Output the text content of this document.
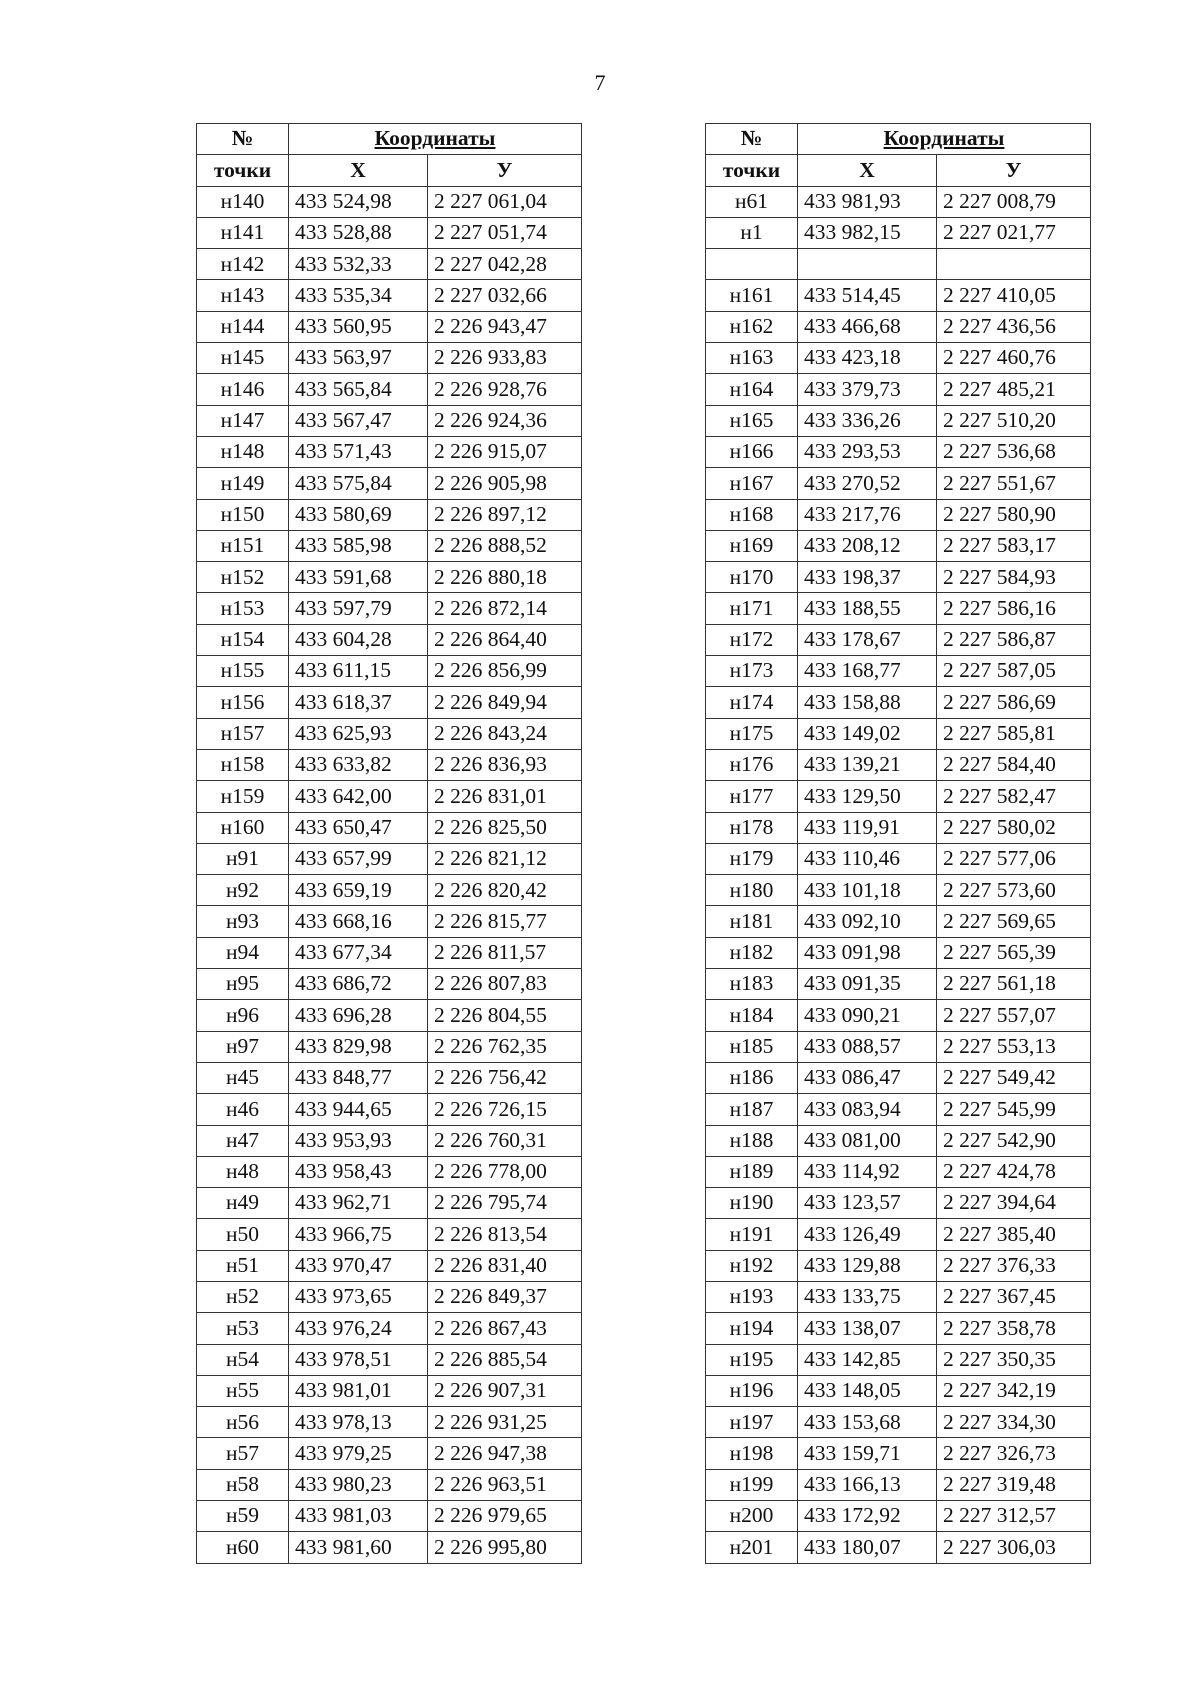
7
№	Координаты	
точки	Х	У
н140	433 524,98	2 227 061,04
н141	433 528,88	2 227 051,74
н142	433 532,33	2 227 042,28
н143	433 535,34	2 227 032,66
н144	433 560,95	2 226 943,47
н145	433 563,97	2 226 933,83
н146	433 565,84	2 226 928,76
н147	433 567,47	2 226 924,36
н148	433 571,43	2 226 915,07
н149	433 575,84	2 226 905,98
н150	433 580,69	2 226 897,12
н151	433 585,98	2 226 888,52
н152	433 591,68	2 226 880,18
н153	433 597,79	2 226 872,14
н154	433 604,28	2 226 864,40
н155	433 611,15	2 226 856,99
н156	433 618,37	2 226 849,94
н157	433 625,93	2 226 843,24
н158	433 633,82	2 226 836,93
н159	433 642,00	2 226 831,01
н160	433 650,47	2 226 825,50
н91	433 657,99	2 226 821,12
н92	433 659,19	2 226 820,42
н93	433 668,16	2 226 815,77
н94	433 677,34	2 226 811,57
н95	433 686,72	2 226 807,83
н96	433 696,28	2 226 804,55
н97	433 829,98	2 226 762,35
н45	433 848,77	2 226 756,42
н46	433 944,65	2 226 726,15
н47	433 953,93	2 226 760,31
н48	433 958,43	2 226 778,00
н49	433 962,71	2 226 795,74
н50	433 966,75	2 226 813,54
н51	433 970,47	2 226 831,40
н52	433 973,65	2 226 849,37
н53	433 976,24	2 226 867,43
н54	433 978,51	2 226 885,54
н55	433 981,01	2 226 907,31
н56	433 978,13	2 226 931,25
н57	433 979,25	2 226 947,38
н58	433 980,23	2 226 963,51
н59	433 981,03	2 226 979,65
н60	433 981,60	2 226 995,80
№	Координаты	
точки	Х	У
н61	433 981,93	2 227 008,79
н1	433 982,15	2 227 021,77

н161	433 514,45	2 227 410,05
н162	433 466,68	2 227 436,56
н163	433 423,18	2 227 460,76
н164	433 379,73	2 227 485,21
н165	433 336,26	2 227 510,20
н166	433 293,53	2 227 536,68
н167	433 270,52	2 227 551,67
н168	433 217,76	2 227 580,90
н169	433 208,12	2 227 583,17
н170	433 198,37	2 227 584,93
н171	433 188,55	2 227 586,16
н172	433 178,67	2 227 586,87
н173	433 168,77	2 227 587,05
н174	433 158,88	2 227 586,69
н175	433 149,02	2 227 585,81
н176	433 139,21	2 227 584,40
н177	433 129,50	2 227 582,47
н178	433 119,91	2 227 580,02
н179	433 110,46	2 227 577,06
н180	433 101,18	2 227 573,60
н181	433 092,10	2 227 569,65
н182	433 091,98	2 227 565,39
н183	433 091,35	2 227 561,18
н184	433 090,21	2 227 557,07
н185	433 088,57	2 227 553,13
н186	433 086,47	2 227 549,42
н187	433 083,94	2 227 545,99
н188	433 081,00	2 227 542,90
н189	433 114,92	2 227 424,78
н190	433 123,57	2 227 394,64
н191	433 126,49	2 227 385,40
н192	433 129,88	2 227 376,33
н193	433 133,75	2 227 367,45
н194	433 138,07	2 227 358,78
н195	433 142,85	2 227 350,35
н196	433 148,05	2 227 342,19
н197	433 153,68	2 227 334,30
н198	433 159,71	2 227 326,73
н199	433 166,13	2 227 319,48
н200	433 172,92	2 227 312,57
н201	433 180,07	2 227 306,03
